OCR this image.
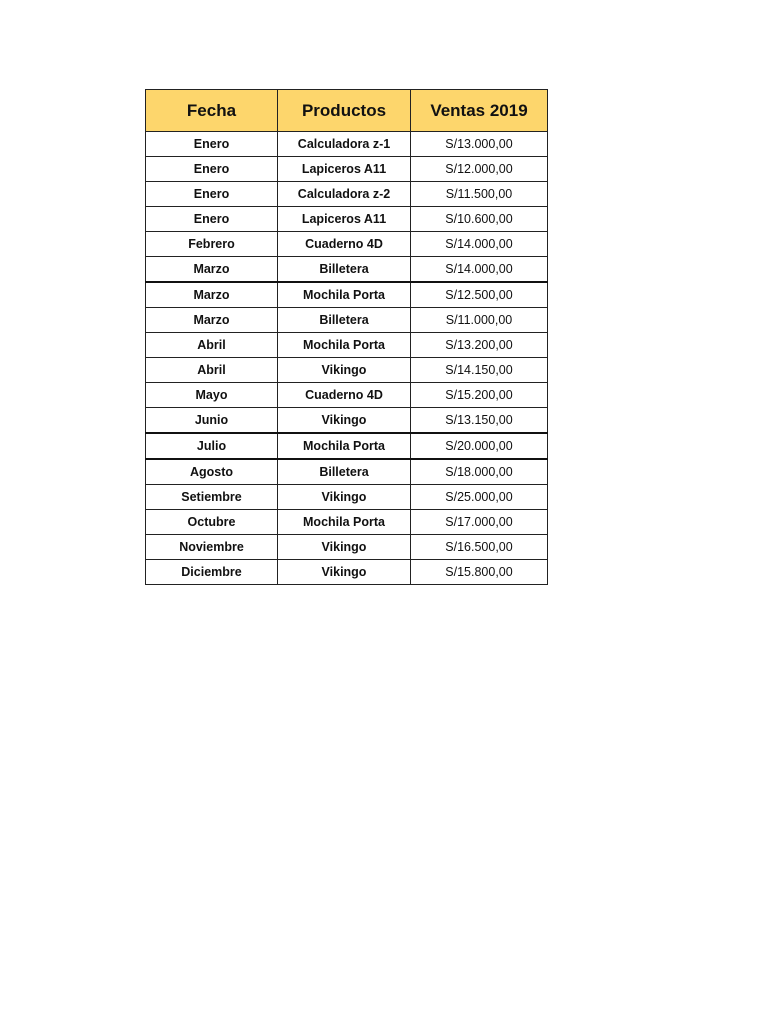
Fecha	Productos	Ventas 2019
Enero	Calculadora z-1	S/13.000,00
Enero	Lapiceros A11	S/12.000,00
Enero	Calculadora z-2	S/11.500,00
Enero	Lapiceros A11	S/10.600,00
Febrero	Cuaderno 4D	S/14.000,00
Marzo	Billetera	S/14.000,00
Marzo	Mochila Porta	S/12.500,00
Marzo	Billetera	S/11.000,00
Abril	Mochila Porta	S/13.200,00
Abril	Vikingo	S/14.150,00
Mayo	Cuaderno 4D	S/15.200,00
Junio	Vikingo	S/13.150,00
Julio	Mochila Porta	S/20.000,00
Agosto	Billetera	S/18.000,00
Setiembre	Vikingo	S/25.000,00
Octubre	Mochila Porta	S/17.000,00
Noviembre	Vikingo	S/16.500,00
Diciembre	Vikingo	S/15.800,00
